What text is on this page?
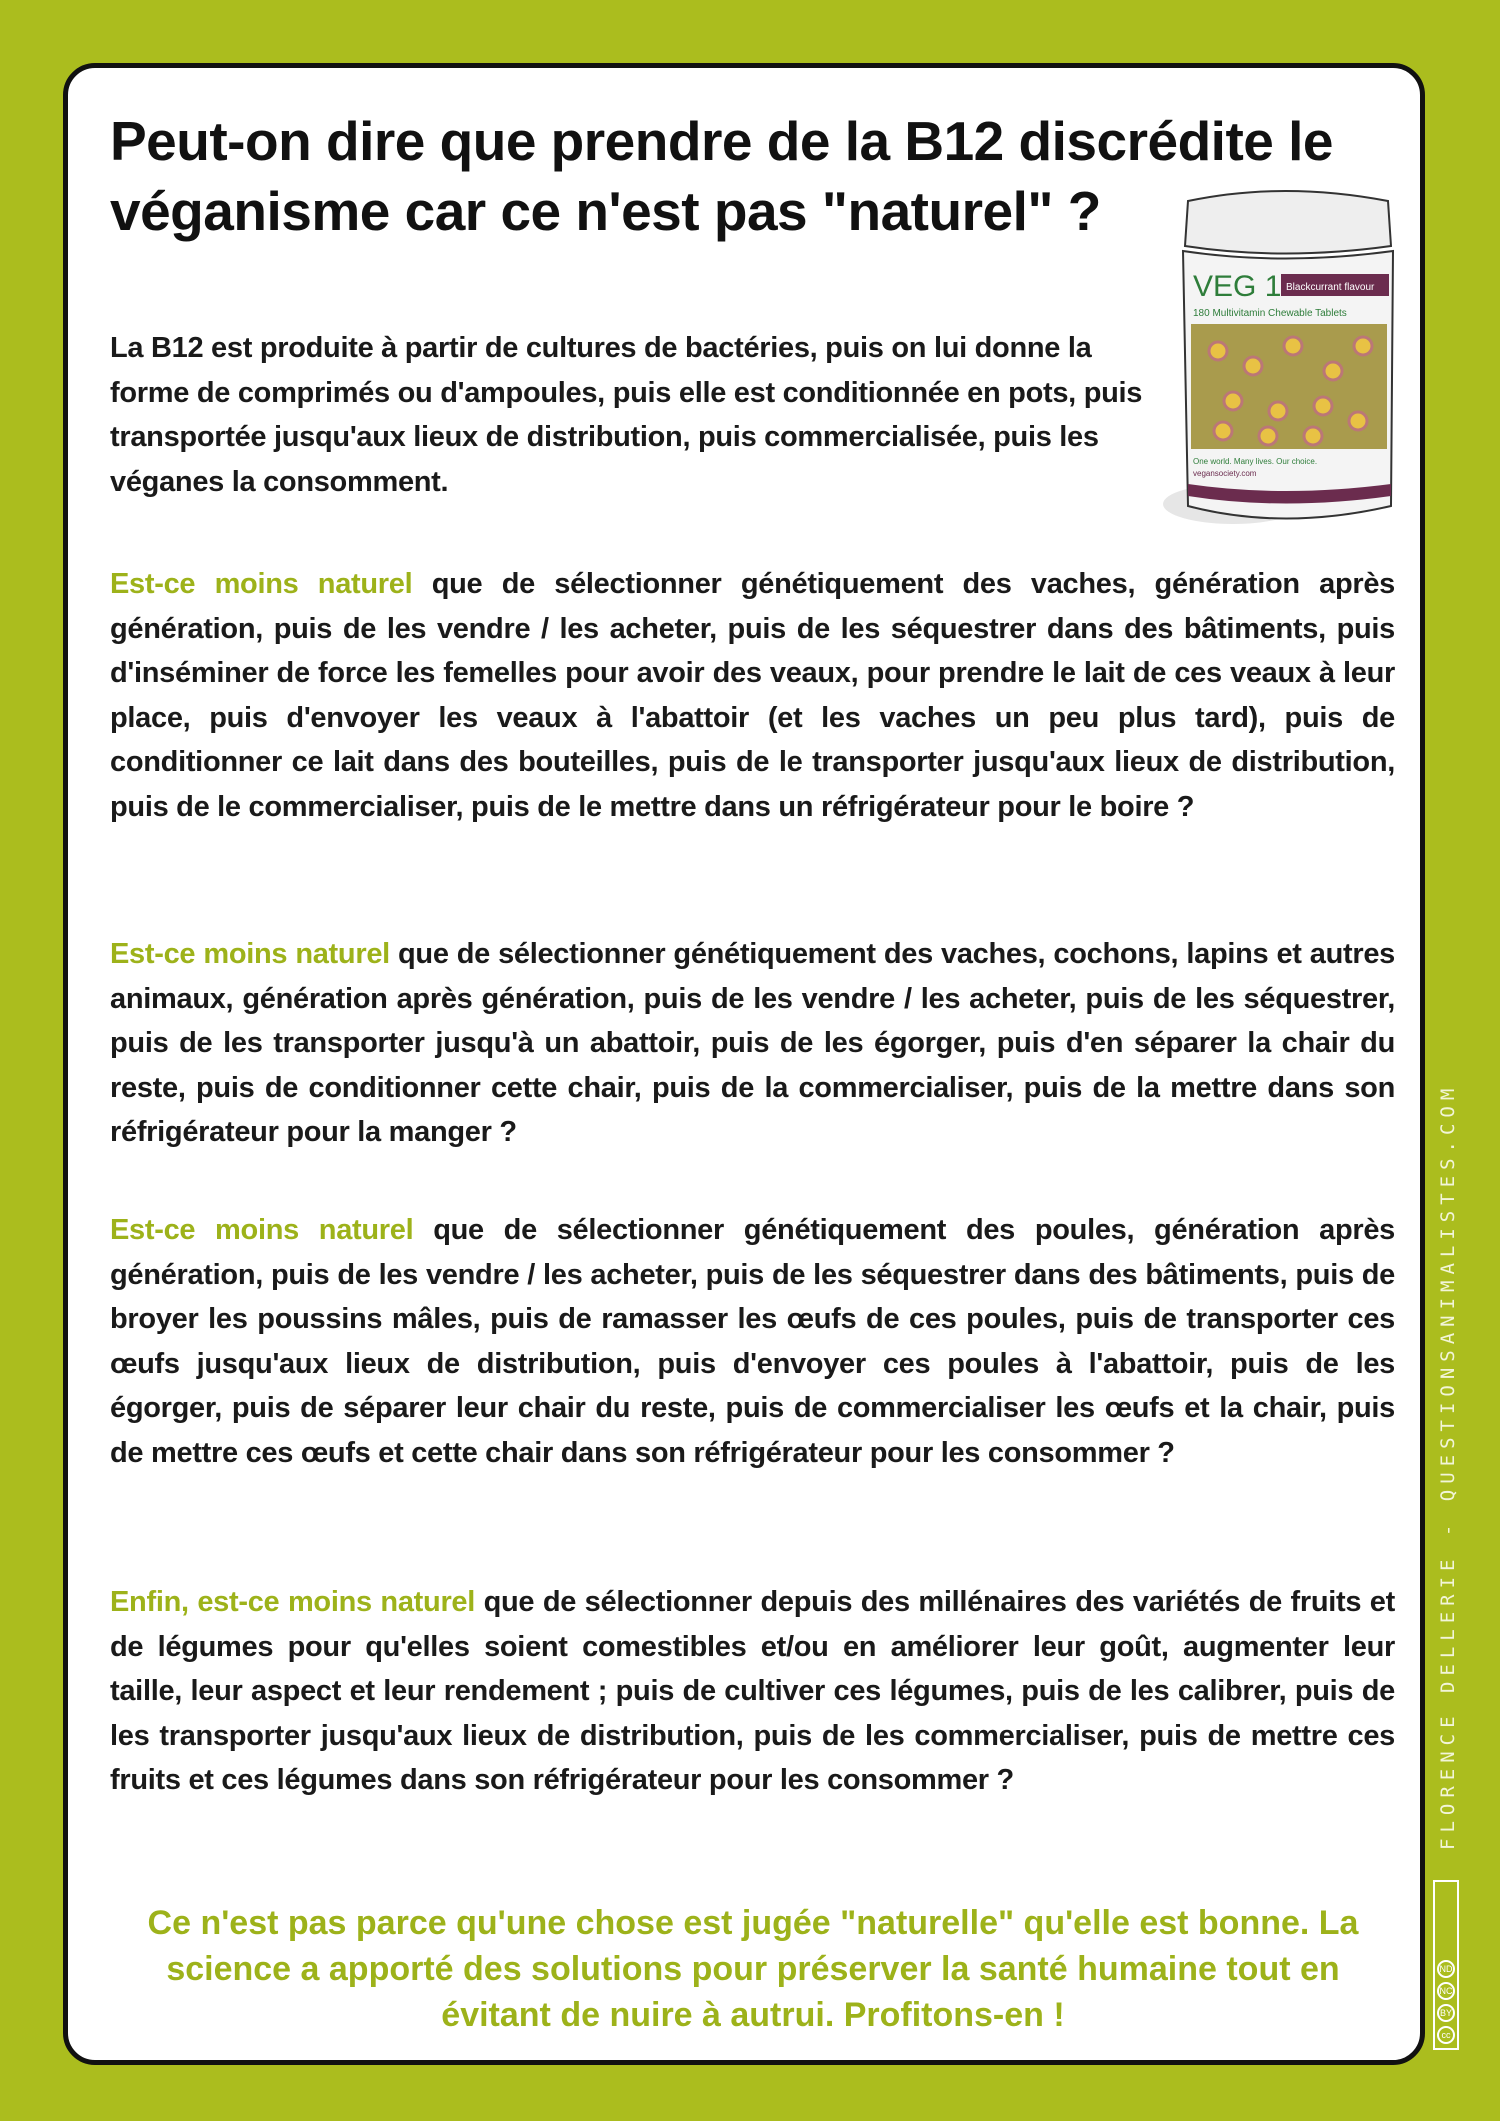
Peut-on dire que prendre de la B12 discrédite le véganisme car ce n'est pas "naturel" ?
VEG 1 Blackcurrant flavour
180 Multivitamin Chewable Tablets
One world. Many lives. Our choice.
vegansociety.com
La B12 est produite à partir de cultures de bactéries, puis on lui donne la forme de comprimés ou d'ampoules, puis elle est conditionnée en pots, puis transportée jusqu'aux lieux de distribution, puis commercialisée, puis les véganes la consomment.
Est-ce moins naturel que de sélectionner génétiquement des vaches, génération après génération, puis de les vendre / les acheter, puis de les séquestrer dans des bâtiments, puis d'inséminer de force les femelles pour avoir des veaux, pour prendre le lait de ces veaux à leur place, puis d'envoyer les veaux à l'abattoir (et les vaches un peu plus tard), puis de conditionner ce lait dans des bouteilles, puis de le transporter jusqu'aux lieux de distribution, puis de le commercialiser, puis de le mettre dans un réfrigérateur pour le boire ?
Est-ce moins naturel que de sélectionner génétiquement des vaches, cochons, lapins et autres animaux, génération après génération, puis de les vendre / les acheter, puis de les séquestrer, puis de les transporter jusqu'à un abattoir, puis de les égorger, puis d'en séparer la chair du reste, puis de conditionner cette chair, puis de la commercialiser, puis de la mettre dans son réfrigérateur pour la manger ?
Est-ce moins naturel que de sélectionner génétiquement des poules, génération après génération, puis de les vendre / les acheter, puis de les séquestrer dans des bâtiments, puis de broyer les poussins mâles, puis de ramasser les œufs de ces poules, puis de transporter ces œufs jusqu'aux lieux de distribution, puis d'envoyer ces poules à l'abattoir, puis de les égorger, puis de séparer leur chair du reste, puis de commercialiser les œufs et la chair, puis de mettre ces œufs et cette chair dans son réfrigérateur pour les consommer ?
Enfin, est-ce moins naturel que de sélectionner depuis des millénaires des variétés de fruits et de légumes pour qu'elles soient comestibles et/ou en améliorer leur goût, augmenter leur taille, leur aspect et leur rendement ; puis de cultiver ces légumes, puis de les calibrer, puis de les transporter jusqu'aux lieux de distribution, puis de les commercialiser, puis de mettre ces fruits et ces légumes dans son réfrigérateur pour les consommer ?
Ce n'est pas parce qu'une chose est jugée "naturelle" qu'elle est bonne. La science a apporté des solutions pour préserver la santé humaine tout en évitant de nuire à autrui. Profitons-en !
FLORENCE DELLERIE - QUESTIONSANIMALISTES.COM
ND
NC
BY
cc
